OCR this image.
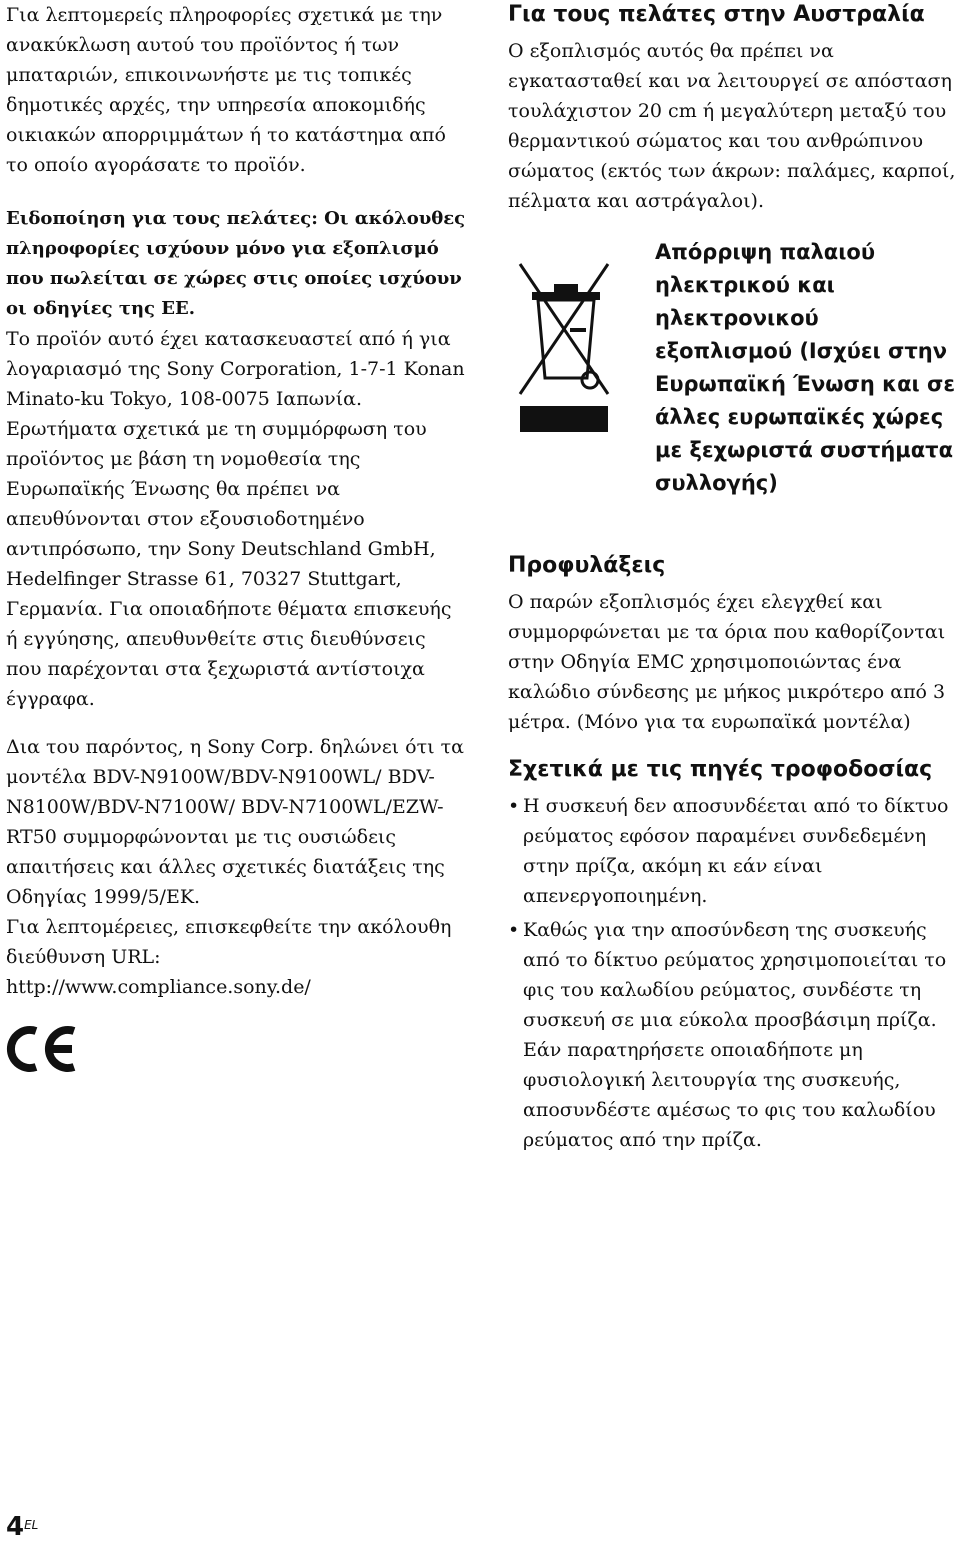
Για λεπτομερείς πληροφορίες σχετικά με την ανακύκλωση αυτού του προϊόντος ή των μπαταριών, επικοινωνήστε με τις τοπικές δημοτικές αρχές, την υπηρεσία αποκομιδής οικιακών απορριμμάτων ή το κατάστημα από το οποίο αγοράσατε το προϊόν.

Ειδοποίηση για τους πελάτες: Οι ακόλουθες πληροφορίες ισχύουν μόνο για εξοπλισμό που πωλείται σε χώρες στις οποίες ισχύουν οι οδηγίες της ΕΕ.

Το προϊόν αυτό έχει κατασκευαστεί από ή για λογαριασμό της Sony Corporation, 1-7-1 Konan Minato-ku Tokyo, 108-0075 Ιαπωνία. Ερωτήματα σχετικά με τη συμμόρφωση του προϊόντος με βάση τη νομοθεσία της Ευρωπαϊκής Ένωσης θα πρέπει να απευθύνονται στον εξουσιοδοτημένο αντιπρόσωπο, την Sony Deutschland GmbH, Hedelfinger Strasse 61, 70327 Stuttgart, Γερμανία. Για οποιαδήποτε θέματα επισκευής ή εγγύησης, απευθυνθείτε στις διευθύνσεις που παρέχονται στα ξεχωριστά αντίστοιχα έγγραφα.

Δια του παρόντος, η Sony Corp. δηλώνει ότι τα μοντέλα BDV-N9100W/BDV-N9100WL/ BDV-N8100W/BDV-N7100W/ BDV-N7100WL/EZW-RT50 συμμορφώνονται με τις ουσιώδεις απαιτήσεις και άλλες σχετικές διατάξεις της Οδηγίας 1999/5/ΕΚ.

Για λεπτομέρειες, επισκεφθείτε την ακόλουθη διεύθυνση URL:

http://www.compliance.sony.de/

Για τους πελάτες στην Αυστραλία

Ο εξοπλισμός αυτός θα πρέπει να εγκατασταθεί και να λειτουργεί σε απόσταση τουλάχιστον 20 cm ή μεγαλύτερη μεταξύ του θερμαντικού σώματος και του ανθρώπινου σώματος (εκτός των άκρων: παλάμες, καρποί, πέλματα και αστράγαλοι).

Απόρριψη παλαιού ηλεκτρικού και ηλεκτρονικού εξοπλισμού (Ισχύει στην Ευρωπαϊκή Ένωση και σε άλλες ευρωπαϊκές χώρες με ξεχωριστά συστήματα συλλογής)
Προφυλάξεις

Ο παρών εξοπλισμός έχει ελεγχθεί και συμμορφώνεται με τα όρια που καθορίζονται στην Οδηγία EMC χρησιμοποιώντας ένα καλώδιο σύνδεσης με μήκος μικρότερο από 3 μέτρα. (Μόνο για τα ευρωπαϊκά μοντέλα)

Σχετικά με τις πηγές τροφοδοσίας
• Η συσκευή δεν αποσυνδέεται από το δίκτυο ρεύματος εφόσον παραμένει συνδεδεμένη στην πρίζα, ακόμη κι εάν είναι απενεργοποιημένη.
• Καθώς για την αποσύνδεση της συσκευής από το δίκτυο ρεύματος χρησιμοποιείται το φις του καλωδίου ρεύματος, συνδέστε τη συσκευή σε μια εύκολα προσβάσιμη πρίζα. Εάν παρατηρήσετε οποιαδήποτε μη φυσιολογική λειτουργία της συσκευής, αποσυνδέστε αμέσως το φις του καλωδίου ρεύματος από την πρίζα.
$4^{EL}$
